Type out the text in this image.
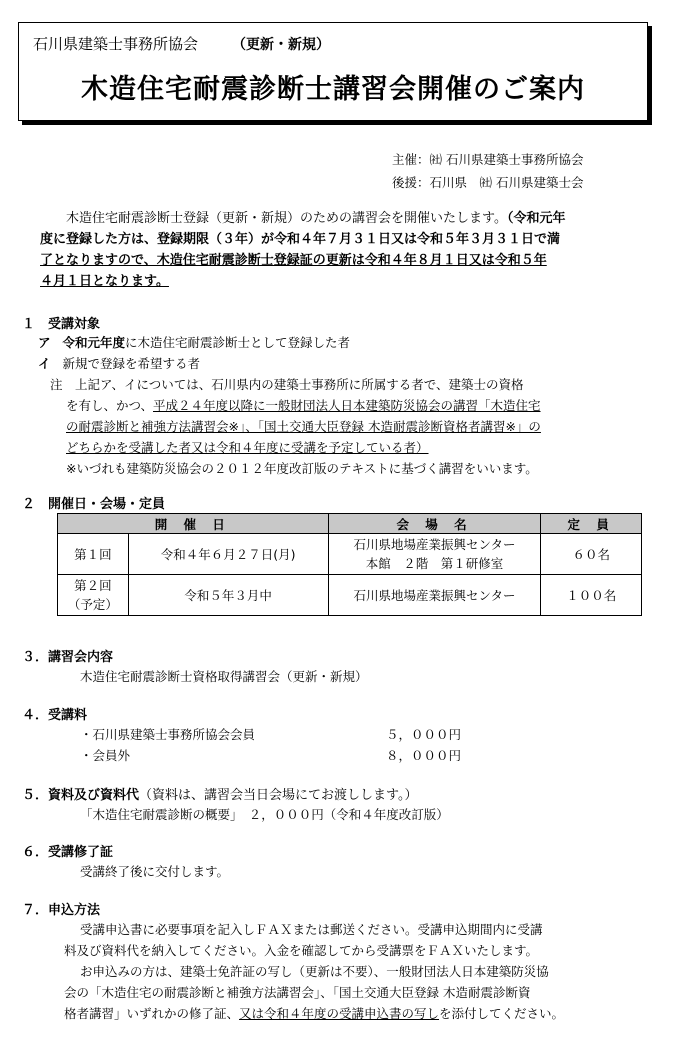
石川県建築士事務所協会 （更新・新規）
木造住宅耐震診断士講習会開催のご案内
主催：㈳ 石川県建築士事務所協会
後援：石川県　㈳ 石川県建築士会
木造住宅耐震診断士登録（更新・新規）のための講習会を開催いたします。（令和元年
度に登録した方は、登録期限（３年）が令和４年７月３１日又は令和５年３月３１日で満
了となりますので、木造住宅耐震診断士登録証の更新は令和４年８月１日又は令和５年
４月１日となります。
１　受講対象
ア 令和元年度に木造住宅耐震診断士として登録した者
イ 新規で登録を希望する者
注　上記ア、イについては、石川県内の建築士事務所に所属する者で、建築士の資格
を有し、かつ、平成２４年度以降に一般財団法人日本建築防災協会の講習「木造住宅
の耐震診断と補強方法講習会※」、「国土交通大臣登録 木造耐震診断資格者講習※」の
どちらかを受講した者又は令和４年度に受講を予定している者）
※いづれも建築防災協会の２０１２年度改訂版のテキストに基づく講習をいいます。
２　開催日・会場・定員
開 催 日		会 場 名	定 員
第１回	令和４年６月２７日(月)	石川県地場産業振興センター
本館　２階　第１研修室	６０名

第２回
（予定）	令和５年３月中	石川県地場産業振興センター	１００名
３．講習会内容
木造住宅耐震診断士資格取得講習会（更新・新規）
４．受講料
・石川県建築士事務所協会会員	５，０００円
・会員外	８，０００円
５．資料及び資料代（資料は、講習会当日会場にてお渡しします。）
「木造住宅耐震診断の概要」　２，０００円（令和４年度改訂版）
６．受講修了証
受講終了後に交付します。
７．申込方法
受講申込書に必要事項を記入しＦＡＸまたは郵送ください。受講申込期間内に受講
料及び資料代を納入してください。入金を確認してから受講票をＦＡＸいたします。
お申込みの方は、建築士免許証の写し（更新は不要）、一般財団法人日本建築防災協
会の「木造住宅の耐震診断と補強方法講習会」、「国土交通大臣登録 木造耐震診断資
格者講習」いずれかの修了証、又は令和４年度の受講申込書の写しを添付してください。
